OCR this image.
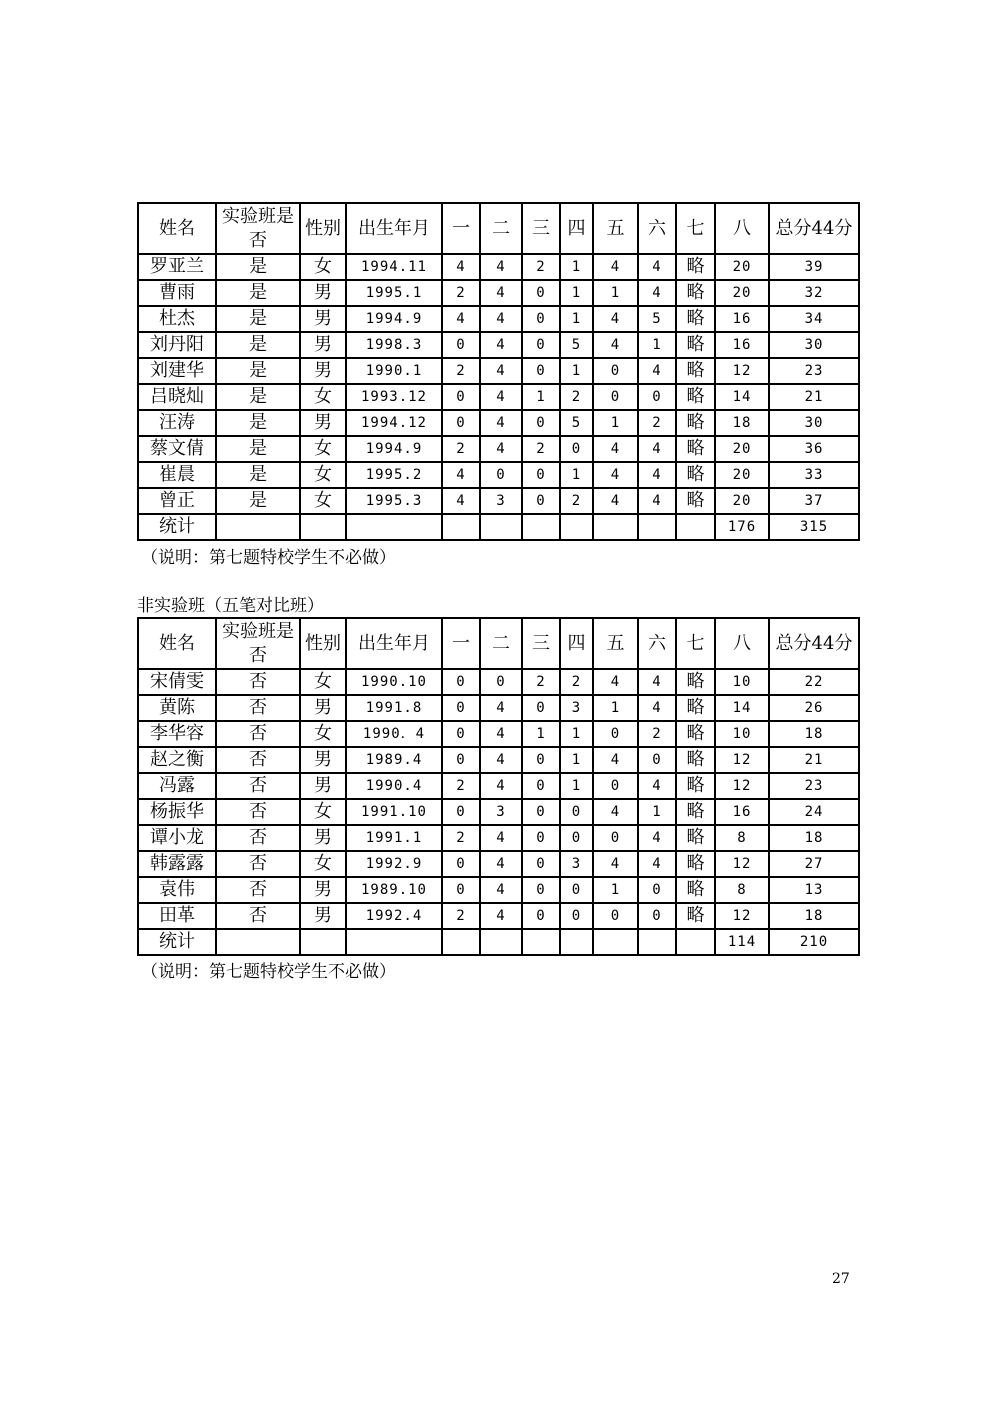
姓名	实验班是否	性别	出生年月	一	二	三	四	五	六	七	八	总分44分
罗亚兰	是	女	1994.11	4	4	2	1	4	4	略	20	39
曹雨	是	男	1995.1	2	4	0	1	1	4	略	20	32
杜杰	是	男	1994.9	4	4	0	1	4	5	略	16	34
刘丹阳	是	男	1998.3	0	4	0	5	4	1	略	16	30
刘建华	是	男	1990.1	2	4	0	1	0	4	略	12	23
吕晓灿	是	女	1993.12	0	4	1	2	0	0	略	14	21
汪涛	是	男	1994.12	0	4	0	5	1	2	略	18	30
蔡文倩	是	女	1994.9	2	4	2	0	4	4	略	20	36
崔晨	是	女	1995.2	4	0	0	1	4	4	略	20	33
曾正	是	女	1995.3	4	3	0	2	4	4	略	20	37
统计											176	315
（说明：第七题特校学生不必做）
非实验班（五笔对比班）
姓名	实验班是否	性别	出生年月	一	二	三	四	五	六	七	八	总分44分
宋倩雯	否	女	1990.10	0	0	2	2	4	4	略	10	22
黄陈	否	男	1991.8	0	4	0	3	1	4	略	14	26
李华容	否	女	1990．4	0	4	1	1	0	2	略	10	18
赵之衡	否	男	1989.4	0	4	0	1	4	0	略	12	21
冯露	否	男	1990.4	2	4	0	1	0	4	略	12	23
杨振华	否	女	1991.10	0	3	0	0	4	1	略	16	24
谭小龙	否	男	1991.1	2	4	0	0	0	4	略	8	18
韩露露	否	女	1992.9	0	4	0	3	4	4	略	12	27
袁伟	否	男	1989.10	0	4	0	0	1	0	略	8	13
田革	否	男	1992.4	2	4	0	0	0	0	略	12	18
统计											114	210
（说明：第七题特校学生不必做）
27
